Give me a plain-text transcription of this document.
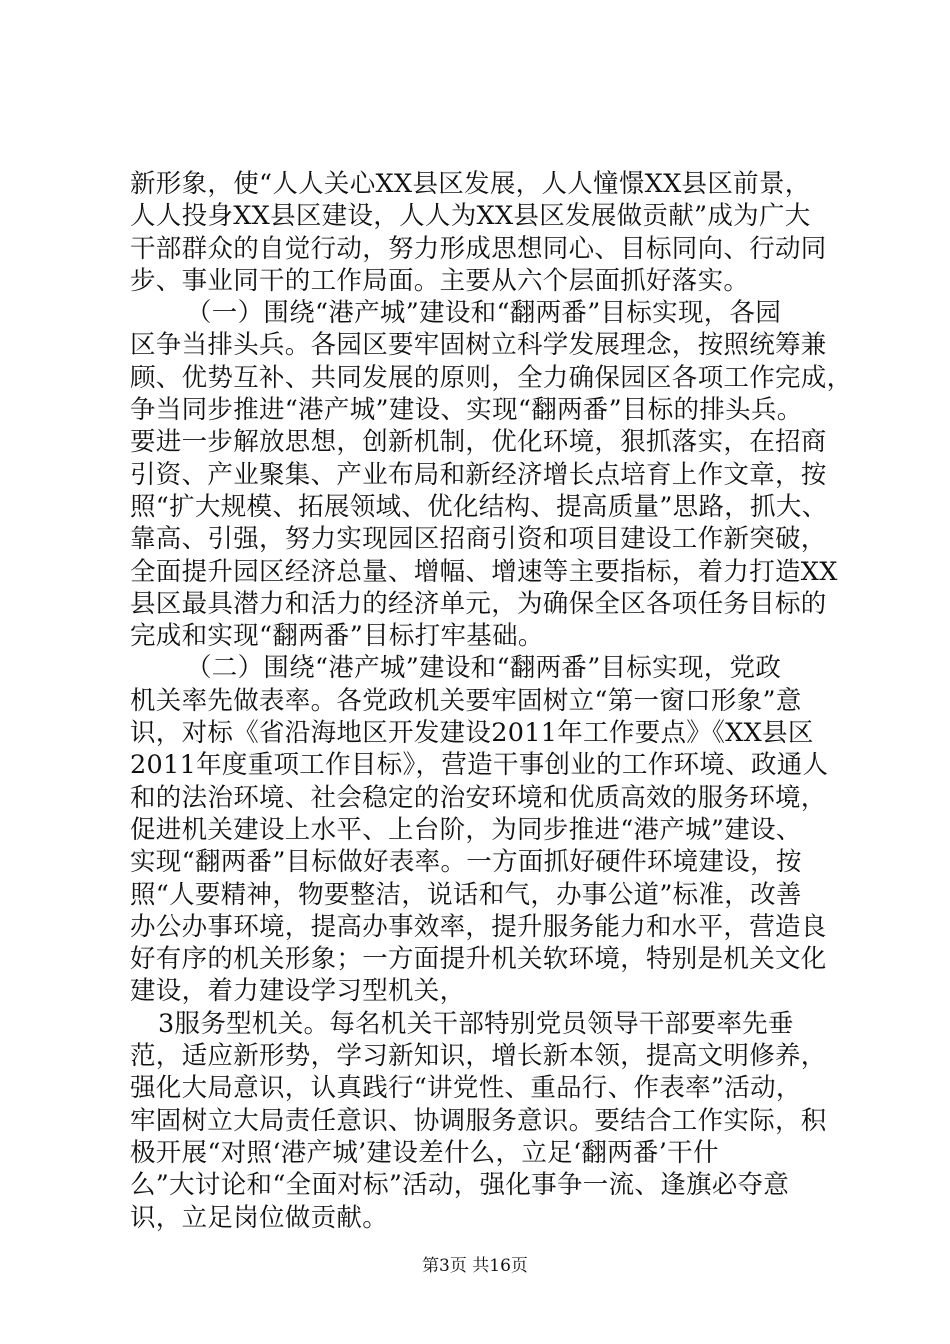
新形象，使“人人关心XX县区发展，人人憧憬XX县区前景，
人人投身XX县区建设，人人为XX县区发展做贡献”成为广大
干部群众的自觉行动，努力形成思想同心、目标同向、行动同
步、事业同干的工作局面。主要从六个层面抓好落实。
（一）围绕“港产城”建设和“翻两番”目标实现，各园
区争当排头兵。各园区要牢固树立科学发展理念，按照统筹兼
顾、优势互补、共同发展的原则，全力确保园区各项工作完成，
争当同步推进“港产城”建设、实现“翻两番”目标的排头兵。
要进一步解放思想，创新机制，优化环境，狠抓落实，在招商
引资、产业聚集、产业布局和新经济增长点培育上作文章，按
照“扩大规模、拓展领域、优化结构、提高质量”思路，抓大、
靠高、引强，努力实现园区招商引资和项目建设工作新突破，
全面提升园区经济总量、增幅、增速等主要指标，着力打造XX
县区最具潜力和活力的经济单元，为确保全区各项任务目标的
完成和实现“翻两番”目标打牢基础。
（二）围绕“港产城”建设和“翻两番”目标实现，党政
机关率先做表率。各党政机关要牢固树立“第一窗口形象”意
识，对标《省沿海地区开发建设2011年工作要点》《XX县区
2011年度重项工作目标》，营造干事创业的工作环境、政通人
和的法治环境、社会稳定的治安环境和优质高效的服务环境，
促进机关建设上水平、上台阶，为同步推进“港产城”建设、
实现“翻两番”目标做好表率。一方面抓好硬件环境建设，按
照“人要精神，物要整洁，说话和气，办事公道”标准，改善
办公办事环境，提高办事效率，提升服务能力和水平，营造良
好有序的机关形象；一方面提升机关软环境，特别是机关文化
建设，着力建设学习型机关，
3服务型机关。每名机关干部特别党员领导干部要率先垂
范，适应新形势，学习新知识，增长新本领，提高文明修养，
强化大局意识，认真践行“讲党性、重品行、作表率”活动，
牢固树立大局责任意识、协调服务意识。要结合工作实际，积
极开展“对照‘港产城’建设差什么，立足‘翻两番’干什
么”大讨论和“全面对标”活动，强化事争一流、逢旗必夺意
识，立足岗位做贡献。
第3页 共16页
